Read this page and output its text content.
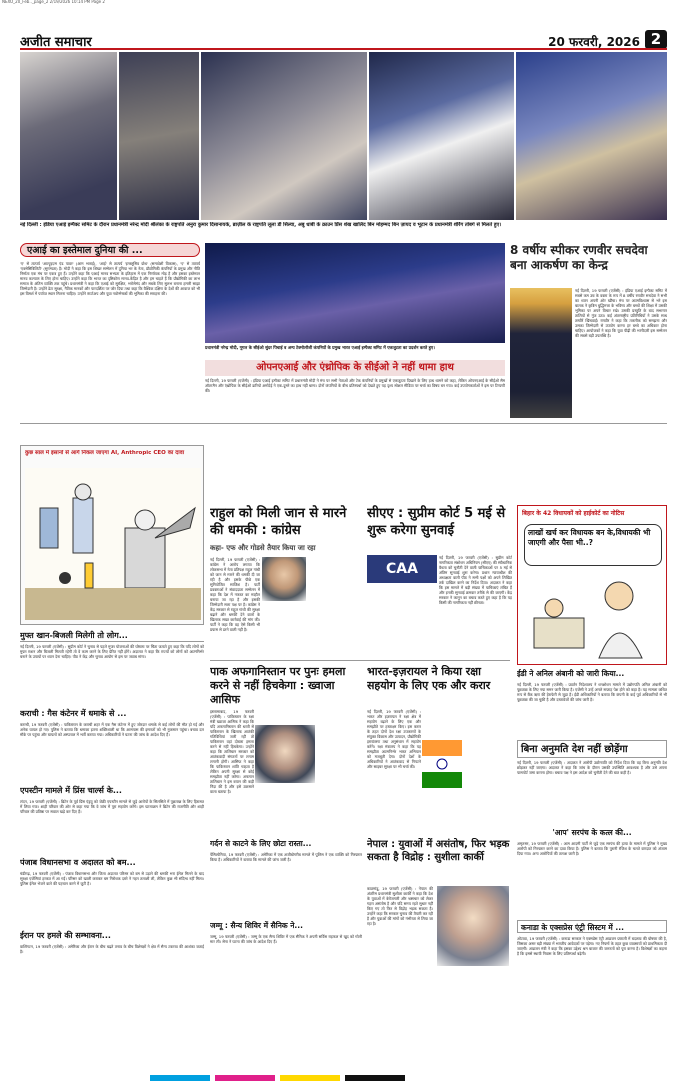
NEXO_20_Feb.._page_2 2/19/2026 10:14 PM Page 2
अजीत समाचार	20 फरवरी, 2026 2
नई दिल्ली : इंडिया एआई इम्पैक्ट समिट के दौरान प्रधानमंत्री नरेन्द्र मोदी श्रीलंका के राष्ट्रपति अनुरा कुमार दिसानायके, ब्राज़ील के राष्ट्रपति लूला डी सिल्वा, अबु धाबी के क्राउन प्रिंस शेख खालिद बिन मोहम्मद बिन ज़ायद व भूटान के प्रधानमंत्री शेरिंग तोबगे से मिलते हुए।
एआई का इस्तेमाल दुनिया की ...
'ए' से तात्पर्य 'आल्ट्रूइज़्म एंड पावर' (आम भलाई), 'आई' से तात्पर्य 'इन्क्लूसिव ग्रोथ' (समावेशी विकास), 'ए' से तात्पर्य 'एक्सेसिबिलिटी' (सुगम्यता) है। मोदी ने कहा कि इस शिखर सम्मेलन में दुनिया भर के नेता, प्रौद्योगिकी कंपनियों के प्रमुख और नीति निर्माता एक मंच पर एकत्र हुए हैं। उन्होंने कहा कि एआई मानव सभ्यता के इतिहास में एक निर्णायक मोड़ है और इसका इस्तेमाल मानव कल्याण के लिए होना चाहिए। उन्होंने कहा कि भारत का दृष्टिकोण मानव-केंद्रित है और हम चाहते हैं कि प्रौद्योगिकी का लाभ समाज के अंतिम व्यक्ति तक पहुंचे। प्रधानमंत्री ने कहा कि एआई को सुरक्षित, भरोसेमंद और सबके लिए सुलभ बनाना हमारी साझा जिम्मेदारी है। उन्होंने डेटा सुरक्षा, नैतिक मानकों और पारदर्शिता पर जोर दिया तथा कहा कि वैश्विक दक्षिण के देशों की आवाज को भी इस विमर्श में पर्याप्त स्थान मिलना चाहिए। उन्होंने स्टार्टअप और युवा नवोन्मेषकों की भूमिका की सराहना की।
प्रधानमंत्री नरेन्द्र मोदी, गूगल के सीईओ सुंदर पिचाई व अन्य टेक्नोलॉजी कंपनियों के प्रमुख भारत एआई इम्पैक्ट समिट में एकजुटता का प्रदर्शन करते हुए।
ओपनएआई और एंथ्रोपिक के सीईओ ने नहीं थामा हाथ
नई दिल्ली, 19 फरवरी (एजेंसी) : इंडिया एआई इम्पैक्ट समिट में प्रधानमंत्री मोदी ने मंच पर सभी नेताओं और टेक कंपनियों के प्रमुखों से एकजुटता दिखाने के लिए हाथ थामने को कहा, लेकिन ओपनएआई के सीईओ सैम ऑल्टमैन और एंथ्रोपिक के सीईओ डारियो अमोदेई ने एक-दूसरे का हाथ नहीं थामा। दोनों कंपनियों के बीच प्रतिस्पर्धा को देखते हुए यह दृश्य सोशल मीडिया पर चर्चा का विषय बन गया। कई उपयोगकर्ताओं ने इस पर टिप्पणी की।
8 वर्षीय स्पीकर रणवीर सचदेवा बना आकर्षण का केन्द्र
नई दिल्ली, 19 फरवरी (एजेंसी) : इंडिया एआई इम्पैक्ट समिट में सबसे कम उम्र के वक्ता के रूप में 8 वर्षीय रणवीर सचदेवा ने सभी का ध्यान अपनी ओर खींचा। मंच पर आत्मविश्वास से भरे इस बालक ने कृत्रिम बुद्धिमत्ता के भविष्य और बच्चों की शिक्षा में उसकी भूमिका पर अपने विचार रखे। उसकी प्रस्तुति के बाद सभागार तालियों से गूंज उठा। कई अंतरराष्ट्रीय प्रतिनिधियों ने उसके साथ तस्वीरें खिंचवाईं। रणवीर ने कहा कि तकनीक को समझना और उसका जिम्मेदारी से उपयोग करना हर बच्चे का अधिकार होना चाहिए। आयोजकों ने कहा कि युवा पीढ़ी की भागीदारी इस सम्मेलन की सबसे बड़ी उपलब्धि है।
कुछ साल में इंसानों से आगे निकल जाएगा AI, Anthropic CEO का दावा
राहुल को मिली जान से मारने की धमकी : कांग्रेस
कहा- एफ और गोडसे तैयार किया जा रहा
नई दिल्ली, 19 फरवरी (एजेंसी) : कांग्रेस ने आरोप लगाया कि लोकसभा में नेता प्रतिपक्ष राहुल गांधी को जान से मारने की धमकी दी जा रही है और इसके पीछे एक सुनियोजित साजिश है। पार्टी प्रवक्ताओं ने संवाददाता सम्मेलन में कहा कि देश में नफरत का माहौल बनाया जा रहा है और इसकी जिम्मेदारी सत्ता पक्ष पर है। कांग्रेस ने केंद्र सरकार से राहुल गांधी की सुरक्षा बढ़ाने और धमकी देने वालों के खिलाफ सख्त कार्रवाई की मांग की। पार्टी ने कहा कि वह ऐसे किसी भी प्रयास से डरने वाली नहीं है।
सीएए : सुप्रीम कोर्ट 5 मई से शुरू करेगा सुनवाई
CAA
नई दिल्ली, 19 फरवरी (एजेंसी) : सुप्रीम कोर्ट नागरिकता संशोधन अधिनियम (सीएए) की संवैधानिक वैधता को चुनौती देने वाली याचिकाओं पर 5 मई से अंतिम सुनवाई शुरू करेगा। प्रधान न्यायाधीश की अध्यक्षता वाली पीठ ने सभी पक्षों को अपने लिखित तर्क दाखिल करने का निर्देश दिया। अदालत ने कहा कि इस मामले में बड़ी संख्या में याचिकाएं लंबित हैं और इनकी सुनवाई क्रमवार तरीके से की जाएगी। केंद्र सरकार ने कानून का बचाव करते हुए कहा है कि यह किसी की नागरिकता नहीं छीनता।
बिहार के 42 विधायकों को हाईकोर्ट का नोटिस
लाखों खर्च कर विधायक बन के,विधायकी भी जाएगी और पैसा भी..?
मुफ्त खान-बिजली मिलेगी तो लोग...
नई दिल्ली, 19 फरवरी (एजेंसी) : सुप्रीम कोर्ट ने चुनाव से पहले मुफ्त योजनाओं की घोषणा पर चिंता जताते हुए कहा कि यदि लोगों को मुफ्त राशन और बिजली मिलती रहेगी तो वे काम करने के लिए प्रेरित नहीं होंगे। अदालत ने कहा कि राज्यों को लोगों को आत्मनिर्भर बनाने के उपायों पर ध्यान देना चाहिए। पीठ ने केंद्र और चुनाव आयोग से इस पर जवाब मांगा।
कराची : गैस कंटेनर में धमाके से ...
कराची, 19 फरवरी (एजेंसी) : पाकिस्तान के कराची शहर में एक गैस कंटेनर में हुए जोरदार धमाके से कई लोगों की मौत हो गई और अनेक घायल हो गए। पुलिस ने बताया कि धमाका इतना शक्तिशाली था कि आसपास की इमारतों को भी नुकसान पहुंचा। बचाव दल मौके पर पहुंचा और घायलों को अस्पताल में भर्ती कराया गया। अधिकारियों ने घटना की जांच के आदेश दिए हैं।
एपस्टीन मामले में प्रिंस चार्ल्स के...
लंदन, 19 फरवरी (एजेंसी) : ब्रिटेन के पूर्व प्रिंस एंड्रयू को जेफ्री एपस्टीन मामले से जुड़े आरोपों के सिलसिले में पूछताछ के लिए हिरासत में लिया गया। शाही परिवार की ओर से कहा गया कि वे जांच में पूरा सहयोग करेंगे। इस घटनाक्रम ने ब्रिटेन की राजनीति और शाही परिवार की प्रतिष्ठा पर सवाल खड़े कर दिए हैं।
पंजाब विधानसभा व अदालत को बम...
चंडीगढ़, 19 फरवरी (एजेंसी) : पंजाब विधानसभा और जिला अदालत परिसर को बम से उड़ाने की धमकी भरा ईमेल मिलने के बाद सुरक्षा एजेंसियां हरकत में आ गईं। परिसर को खाली कराकर बम निरोधक दस्ते ने गहन तलाशी ली, लेकिन कुछ भी संदिग्ध नहीं मिला। पुलिस ईमेल भेजने वाले की पहचान करने में जुटी है।
ईरान पर हमले की सम्भावना...
वाशिंगटन, 19 फरवरी (एजेंसी) : अमेरिका और ईरान के बीच बढ़ते तनाव के बीच विशेषज्ञों ने क्षेत्र में सैन्य टकराव की आशंका जताई है।
पाक अफगानिस्तान पर पुनः हमला करने से नहीं हिचकेगा : ख्वाजा आसिफ
इस्लामाबाद, 19 फरवरी (एजेंसी) : पाकिस्तान के रक्षा मंत्री ख्वाजा आसिफ ने कहा कि यदि अफगानिस्तान की धरती से पाकिस्तान के खिलाफ आतंकी गतिविधियां जारी रहीं तो पाकिस्तान वहां दोबारा हमला करने से नहीं हिचकेगा। उन्होंने कहा कि तालिबान सरकार को आतंकवादी संगठनों पर लगाम लगानी होगी। आसिफ ने कहा कि पाकिस्तान शांति चाहता है लेकिन अपनी सुरक्षा से कोई समझौता नहीं करेगा। अफगान तालिबान ने इस बयान की कड़ी निंदा की है और इसे उकसाने वाला बताया है।
भारत-इज़रायल ने किया रक्षा सहयोग के लिए एक और करार
नई दिल्ली, 19 फरवरी (एजेंसी) : भारत और इज़रायल ने रक्षा क्षेत्र में सहयोग बढ़ाने के लिए एक और समझौते पर हस्ताक्षर किए। इस करार के तहत दोनों देश रक्षा उपकरणों के संयुक्त विकास और उत्पादन, प्रौद्योगिकी हस्तांतरण तथा अनुसंधान में सहयोग करेंगे। रक्षा मंत्रालय ने कहा कि यह समझौता आत्मनिर्भर भारत अभियान को मजबूती देगा। दोनों देशों के अधिकारियों ने आतंकवाद से निपटने और साइबर सुरक्षा पर भी चर्चा की।
नेपाल : युवाओं में असंतोष, फिर भड़क सकता है विद्रोह : सुशीला कार्की
काठमांडू, 19 फरवरी (एजेंसी) : नेपाल की अंतरिम प्रधानमंत्री सुशीला कार्की ने कहा कि देश के युवाओं में बेरोजगारी और भ्रष्टाचार को लेकर गहरा असंतोष है और यदि समय रहते सुधार नहीं किए गए तो फिर से विद्रोह भड़क सकता है। उन्होंने कहा कि सरकार चुनाव की तैयारी कर रही है और युवाओं की मांगों को गंभीरता से लिया जा रहा है।
गर्दन से काटने के लिए छोटा रास्ता...
पेंसिल्वेनिया, 19 फरवरी (एजेंसी) : अमेरिका में एक अजीबोगरीब मामले में पुलिस ने एक व्यक्ति को गिरफ्तार किया है। अधिकारियों ने बताया कि मामले की जांच जारी है।
जम्मू : सैन्य शिविर में सैनिक ने...
जम्मू, 19 फरवरी (एजेंसी) : जम्मू के एक सैन्य शिविर में एक सैनिक ने अपनी सर्विस राइफल से खुद को गोली मार ली। सेना ने घटना की जांच के आदेश दिए हैं।
ईडी ने अनिल अंबानी को जारी किया...
नई दिल्ली, 19 फरवरी (एजेंसी) : प्रवर्तन निदेशालय ने धनशोधन मामले में उद्योगपति अनिल अंबानी को पूछताछ के लिए नया समन जारी किया है। एजेंसी ने उन्हें अगले सप्ताह पेश होने को कहा है। यह मामला कथित रूप से बैंक ऋण की हेराफेरी से जुड़ा है। ईडी अधिकारियों ने बताया कि कंपनी के कई पूर्व अधिकारियों से भी पूछताछ की जा चुकी है और दस्तावेजों की जांच जारी है।
बिना अनुमति देश नहीं छोड़ेंगा
नई दिल्ली, 19 फरवरी (एजेंसी) : अदालत ने आरोपी उद्योगपति को निर्देश दिया कि वह बिना अनुमति देश छोड़कर नहीं जाएगा। अदालत ने कहा कि जांच के दौरान उसकी उपस्थिति आवश्यक है और उसे अपना पासपोर्ट जमा कराना होगा। बचाव पक्ष ने इस आदेश को चुनौती देने की बात कही है।
'आप' सरपंच के कत्ल की...
अमृतसर, 19 फरवरी (एजेंसी) : आम आदमी पार्टी से जुड़े एक सरपंच की हत्या के मामले में पुलिस ने मुख्य आरोपी को गिरफ्तार करने का दावा किया है। पुलिस ने बताया कि पुरानी रंजिश के चलते वारदात को अंजाम दिया गया। अन्य आरोपियों की तलाश जारी है।
कनाडा के एक्सप्रेस एंट्री सिस्टम में ...
ओटावा, 19 फरवरी (एजेंसी) : कनाडा सरकार ने एक्सप्रेस एंट्री आव्रजन प्रणाली में बदलाव की घोषणा की है, जिसका असर बड़ी संख्या में भारतीय आवेदकों पर पड़ेगा। नए नियमों के तहत कुछ व्यवसायों को प्राथमिकता दी जाएगी। आव्रजन मंत्री ने कहा कि इसका उद्देश्य श्रम बाजार की जरूरतों को पूरा करना है। विशेषज्ञों का कहना है कि इससे स्थायी निवास के लिए प्रतिस्पर्धा बढ़ेगी।
